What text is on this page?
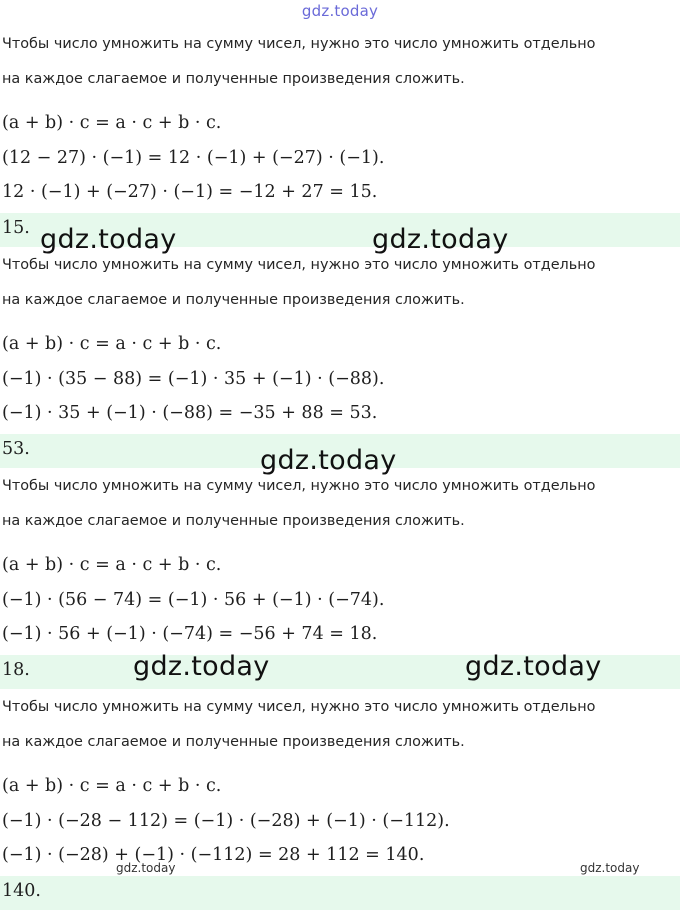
gdz.today
Чтобы число умножить на сумму чисел, нужно это число умножить отдельно
на каждое слагаемое и полученные произведения сложить.
(a + b) · c = a · c + b · c.
(12 − 27) · (−1) = 12 · (−1) + (−27) · (−1).
12 · (−1) + (−27) · (−1) = −12 + 27 = 15.
15.
Чтобы число умножить на сумму чисел, нужно это число умножить отдельно
на каждое слагаемое и полученные произведения сложить.
(a + b) · c = a · c + b · c.
(−1) · (35 − 88) = (−1) · 35 + (−1) · (−88).
(−1) · 35 + (−1) · (−88) = −35 + 88 = 53.
53.
Чтобы число умножить на сумму чисел, нужно это число умножить отдельно
на каждое слагаемое и полученные произведения сложить.
(a + b) · c = a · c + b · c.
(−1) · (56 − 74) = (−1) · 56 + (−1) · (−74).
(−1) · 56 + (−1) · (−74) = −56 + 74 = 18.
18.
Чтобы число умножить на сумму чисел, нужно это число умножить отдельно
на каждое слагаемое и полученные произведения сложить.
(a + b) · c = a · c + b · c.
(−1) · (−28 − 112) = (−1) · (−28) + (−1) · (−112).
(−1) · (−28) + (−1) · (−112) = 28 + 112 = 140.
140.
gdz.today	gdz.today
gdz.today
gdz.today	gdz.today
gdz.today	gdz.today
